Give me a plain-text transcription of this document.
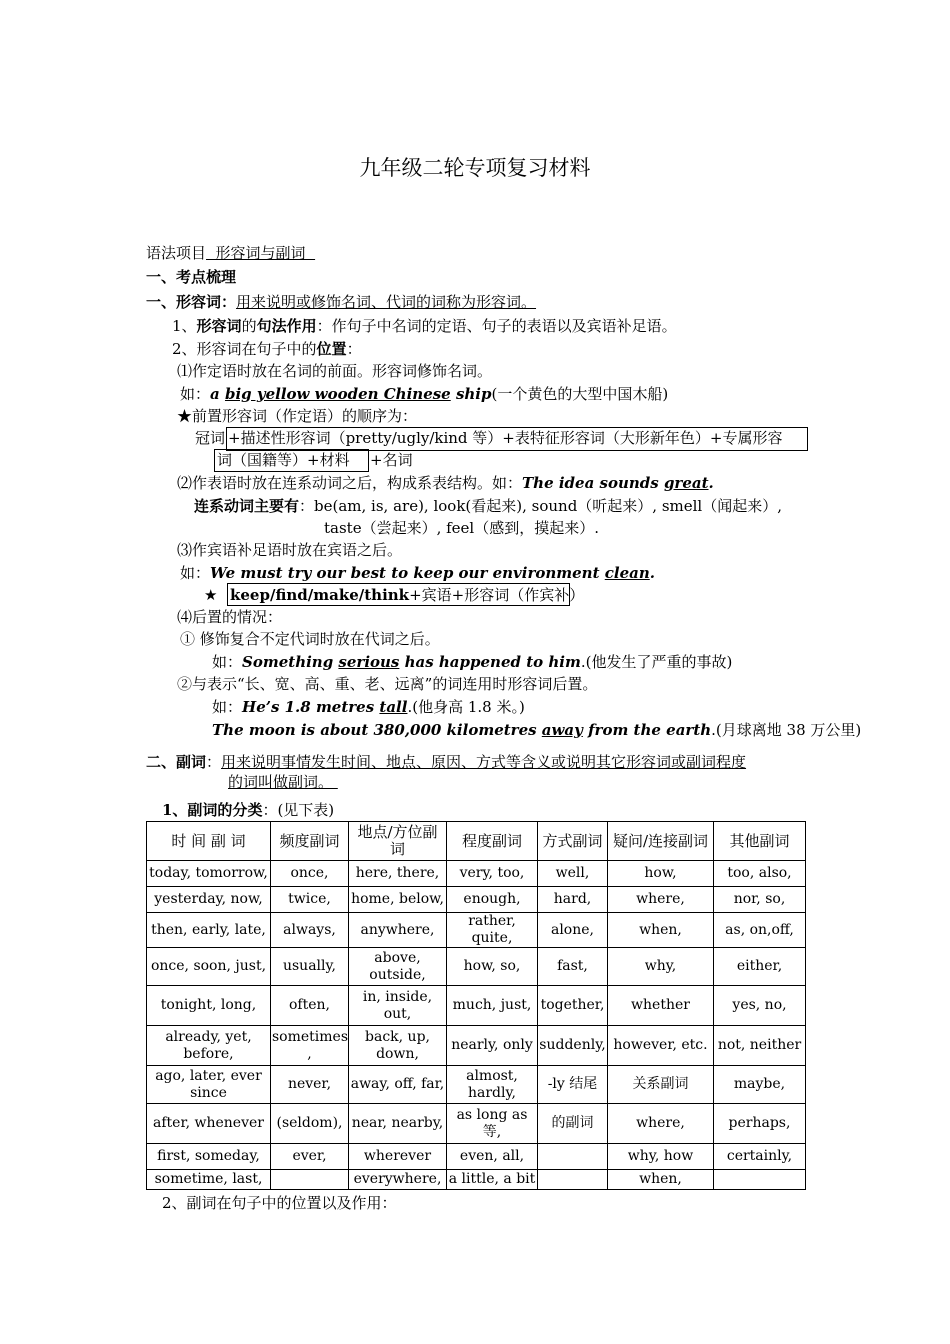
九年级二轮专项复习材料
语法项目  形容词与副词
一、考点梳理
一、形容词：用来说明或修饰名词、代词的词称为形容词。
1、形容词的句法作用：作句子中名词的定语、句子的表语以及宾语补足语。
2、形容词在句子中的位置：
⑴作定语时放在名词的前面。形容词修饰名词。
如：a big yellow wooden Chinese ship(一个黄色的大型中国木船)
★前置形容词（作定语）的顺序为：
冠词 +描述性形容词（pretty/ugly/kind 等）+表特征形容词（大形新年色）+专属形容
词（国籍等）+材料 +名词
⑵作表语时放在连系动词之后，构成系表结构。如：The idea sounds great.
连系动词主要有：be(am, is, are), look(看起来), sound（听起来）, smell（闻起来）,
taste（尝起来）, feel（感到，摸起来）.
⑶作宾语补足语时放在宾语之后。
如：We must try our best to keep our environment clean.
★ keep/find/make/think+宾语+形容词（作宾补）
⑷后置的情况：
① 修饰复合不定代词时放在代词之后。
如：Something serious has happened to him.(他发生了严重的事故)
②与表示“长、宽、高、重、老、远离”的词连用时形容词后置。
如：He’s 1.8 metres tall.(他身高 1.8 米。)
The moon is about 380,000 kilometres away from the earth.(月球离地 38 万公里)
二、副词：用来说明事情发生时间、地点、原因、方式等含义或说明其它形容词或副词程度
的词叫做副词。
1、副词的分类：(见下表)
时 间 副 词	频度副词	地点/方位副词	程度副词	方式副词	疑问/连接副词	其他副词
today, tomorrow,	once,	here, there,	very, too,	well,	how,	too, also,
yesterday, now,	twice,	home, below,	enough,	hard,	where,	nor, so,
then, early, late,	always,	anywhere,	rather, quite,	alone,	when,	as, on,off,
once, soon, just,	usually,	above, outside,	how, so,	fast,	why,	either,
tonight, long,	often,	in, inside, out,	much, just,	together,	whether	yes, no,
already, yet, before,	sometimes ,	back, up, down,	nearly, only	suddenly,	however, etc.	not, neither
ago, later, ever since	never,	away, off, far,	almost, hardly,	-ly 结尾	关系副词	maybe,
after, whenever	(seldom),	near, nearby,	as long as 等,	的副词	where,	perhaps,
first, someday,	ever,	wherever	even, all,		why, how	certainly,
sometime, last,		everywhere,	a little, a bit		when,	
2、副词在句子中的位置以及作用：
